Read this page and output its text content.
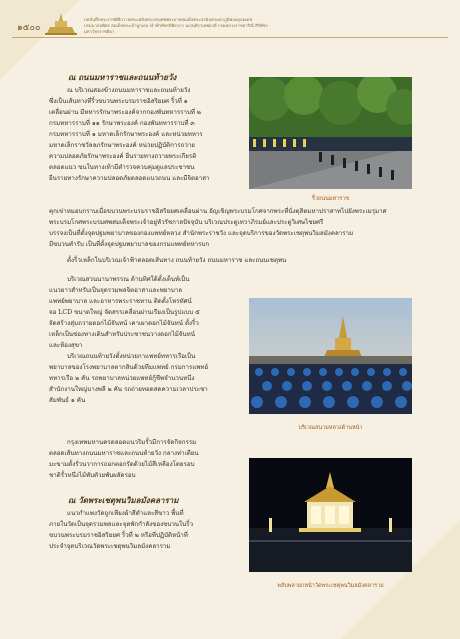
๑๕๐๐
บทบันทึกพระราชพิธีถวายพระเพลิงพระบรมศพพระบาทสมเด็จพระปรมินทรมหาภูมิพลอดุลยเดช
บรมนาถบพิตร สมเด็จพระเจ้าลูกเธอ เจ้าฟ้าพัชรกิติยาภา นเรนทิราเทพยวดี กรมหลวงราชสาริณี สิริพัชร มหาวัชรราชธิดา
ณ ถนนมหาราชและถนนท้ายวัง
ณ บริเวณสองข้างถนนมหาราชและถนนท้ายวัง
ซึ่งเป็นเส้นทางที่ริ้วขบวนพระบรมราชอิสริยยศ ริ้วที่ ๑
เคลื่อนผ่าน มีทหารรักษาพระองค์จากกองพันทหารราบที่ ๒
กรมทหารราบที่ ๑๑ รักษาพระองค์ กองพันทหารราบที่ ๓
กรมทหารราบที่ ๑ มหาดเล็กรักษาพระองค์ และหน่วยทหาร
มหาดเล็กราชวัลลภรักษาพระองค์ หน่วยปฏิบัติการถวาย
ความปลอดภัยรักษาพระองค์ ยืนรายทางถวายพระเกียรติ
ตลอดแนว ขนในทางเท้ามีตำรวจควบคุมดูแลประชาชน
ยืนรายทางรักษาความปลอดภัยตลอดแนวถนน และมีจิตอาสา
ริ้วถนนมหาราช
คุกเข่าหมอบกราบเมื่อขบวนพระบรมราชอิสริยยศเคลื่อนผ่าน อัญเชิญพระบรมโกศจากพระที่นั่งดุสิตมหาปราสาทไปยังพระเมรุมาศ
พระบรมโกศพระบรมศพสมเด็จพระเจ้าอยู่หัวรัชกาลปัจจุบัน บริเวณประตูเทวาภิรมย์และประตูวิเศษไชยศรี
บรรจงเป็นที่ตั้งจุดปฐมพยาบาลของกองแพทย์หลวง สำนักพระราชวัง และจุดบริการของวัดพระเชตุพนวิมลมังคลาราม
มีขบวนคำรับ เป็นที่ตั้งจุดปฐมพยาบาลของกรมแพทย์ทหารบก
ตั้งริ้วเหล็กในบริเวณเจ้าฟ้าตลอดเส้นทาง ถนนท้ายวัง ถนนมหาราช และถนนเชตุพน
บริเวณสวนนานาพรรณ ด้านทิศใต้ตั้งเต็นท์เป็น
แนวยาวสำหรับเป็นจุดรวมพลจิตอาสาและพยาบาล
แพทย์พยาบาล และอาหารพระราชทาน ติดตั้งโทรทัศน์
จอ LCD ขนาดใหญ่ จัดสรรเคลื่อนผ่านเรียงเป็นรูปแบบ ๕
จัดสร้างสุ่มถวายดอกไม้จันทน์ เคาเผาดอกไม้จันทน์ ตั้งริ้ว
เหล็กเป็นช่องทางเดินสำหรับประชาชนวางดอกไม้จันทน์
และห้องสุขา
บริเวณถนนท้ายวังตั้งหน่วยกาแพทย์ทหารเรือเป็น
พยาบาลของโรงพยาบาลตากสินด้วยทีมแพทย์ กรมการแพทย์
ทหารเรือ ๒ คัน รถพยาบาลหน่วยแพทย์กู้ชีพจำนวนหนึ่ง
สำนักงานใหญ่บางพลี ๒ คัน รถถ่ายทอดสดความเวลาประชา
สัมพันธ์ ๑ คัน
บริเวณสนามหลวงด้านหน้า
กรุงเทพมหานครตลอดแนวริมรั้วมีการจัดกิจกรรม
ตลอดเส้นทางถนนมหาราชและถนนท้ายวัง กลางท่าเตียน
มะขามตั้งรั่วนวาการถอกตอกรัดด้วยไม้สีเหลืองโดยรอบ
ชาติรั้วหนึ่งไม้พับตัวยพับผลัดรอบ
ณ วัดพระเชตุพนวิมลมังคลาราม
แนวกำแพงวัดถูกเทียงผ้าสีดำและสีขาว พื้นที่
ภายในวัดเป็นจุดรวมพลและจุดพักกำลังของขบวนในริ้ว
ขบวนพระบรมราชอิสริยยศ ริ้วที่ ๒ หรือที่ปฏิบัติหน้าที่
ประจำจุดบริเวณวัดพระเชตุพนวิมลมังคลาราม
พลับพลายกหน้าวัดพระเชตุพนวิมลมังคลาราม
